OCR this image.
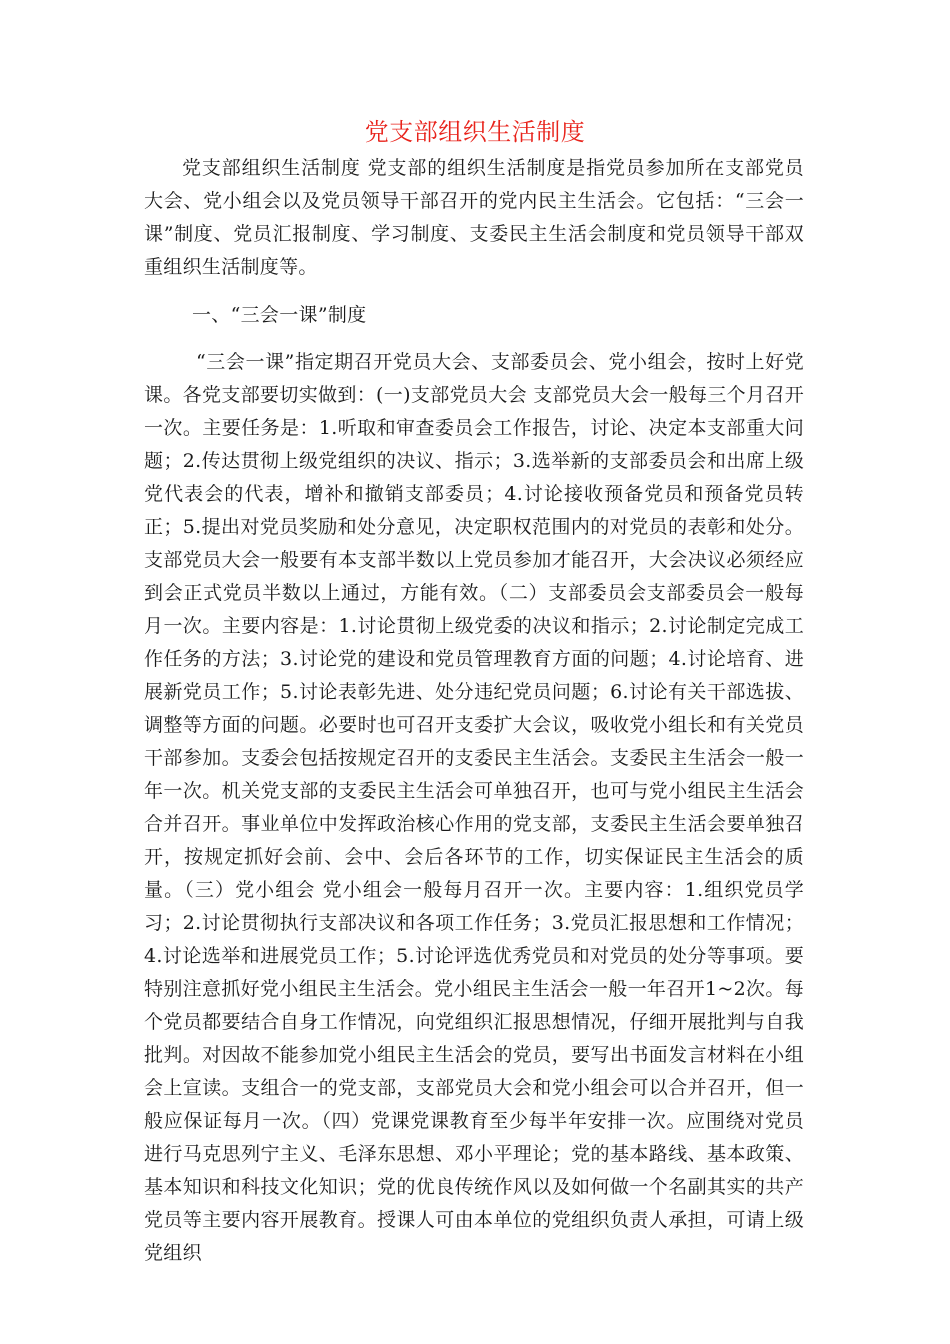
党支部组织生活制度

党支部组织生活制度 党支部的组织生活制度是指党员参加所在支部党员大会、党小组会以及党员领导干部召开的党内民主生活会。它包括：“三会一课”制度、党员汇报制度、学习制度、支委民主生活会制度和党员领导干部双重组织生活制度等。

一、“三会一课”制度

“三会一课”指定期召开党员大会、支部委员会、党小组会，按时上好党课。各党支部要切实做到：(一)支部党员大会 支部党员大会一般每三个月召开一次。主要任务是：1.听取和审查委员会工作报告，讨论、决定本支部重大问题；2.传达贯彻上级党组织的决议、指示；3.选举新的支部委员会和出席上级党代表会的代表，增补和撤销支部委员；4.讨论接收预备党员和预备党员转正；5.提出对党员奖励和处分意见，决定职权范围内的对党员的表彰和处分。支部党员大会一般要有本支部半数以上党员参加才能召开，大会决议必须经应到会正式党员半数以上通过，方能有效。（二）支部委员会支部委员会一般每月一次。主要内容是：1.讨论贯彻上级党委的决议和指示；2.讨论制定完成工作任务的方法；3.讨论党的建设和党员管理教育方面的问题；4.讨论培育、进展新党员工作；5.讨论表彰先进、处分违纪党员问题；6.讨论有关干部选拔、调整等方面的问题。必要时也可召开支委扩大会议，吸收党小组长和有关党员干部参加。支委会包括按规定召开的支委民主生活会。支委民主生活会一般一年一次。机关党支部的支委民主生活会可单独召开，也可与党小组民主生活会合并召开。事业单位中发挥政治核心作用的党支部，支委民主生活会要单独召开，按规定抓好会前、会中、会后各环节的工作，切实保证民主生活会的质量。（三）党小组会 党小组会一般每月召开一次。主要内容：1.组织党员学习；2.讨论贯彻执行支部决议和各项工作任务；3.党员汇报思想和工作情况；4.讨论选举和进展党员工作；5.讨论评选优秀党员和对党员的处分等事项。要特别注意抓好党小组民主生活会。党小组民主生活会一般一年召开1~2次。每个党员都要结合自身工作情况，向党组织汇报思想情况，仔细开展批判与自我批判。对因故不能参加党小组民主生活会的党员，要写出书面发言材料在小组会上宣读。支组合一的党支部，支部党员大会和党小组会可以合并召开，但一般应保证每月一次。（四）党课党课教育至少每半年安排一次。应围绕对党员进行马克思列宁主义、毛泽东思想、邓小平理论；党的基本路线、基本政策、基本知识和科技文化知识；党的优良传统作风以及如何做一个名副其实的共产党员等主要内容开展教育。授课人可由本单位的党组织负责人承担，可请上级党组织
